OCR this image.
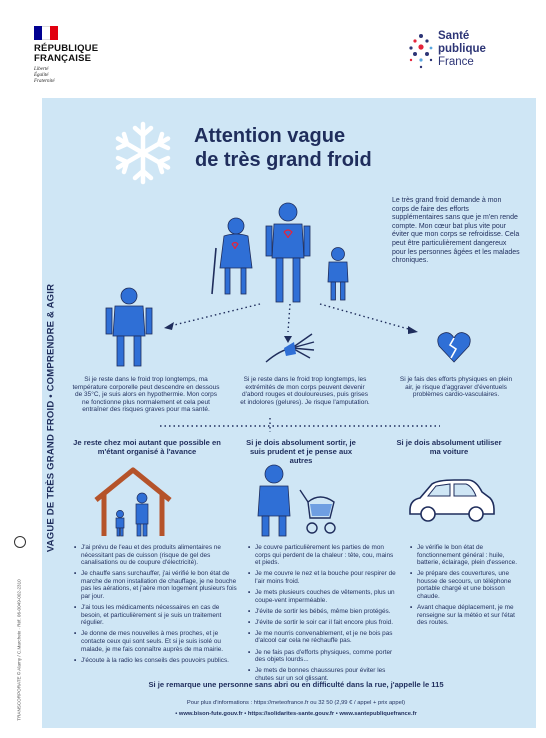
RÉPUBLIQUE
FRANÇAISE
Liberté
Égalité
Fraternité
Santé
publique
France
VAGUE DE TRÈS GRAND FROID • COMPRENDRE & AGIR
TRANSCORPORATE © Alamy / C.Marcheix · Réf. 06-0049-002-2310
Attention vague
de très grand froid
Le très grand froid demande à mon corps de faire des efforts supplémentaires sans que je m'en rende compte. Mon cœur bat plus vite pour éviter que mon corps se refroidisse. Cela peut être particulièrement dangereux pour les personnes âgées et les malades chroniques.
Si je reste dans le froid trop longtemps, ma température corporelle peut descendre en dessous de 35°C, je suis alors en hypothermie. Mon corps ne fonctionne plus normalement et cela peut entraîner des risques graves pour ma santé.
Si je reste dans le froid trop longtemps, les extrémités de mon corps peuvent devenir d'abord rouges et douloureuses, puis grises et indolores (gelures). Je risque l'amputation.
Si je fais des efforts physiques en plein air, je risque d'aggraver d'éventuels problèmes cardio-vasculaires.
Je reste chez moi autant que possible en m'étant organisé à l'avance
Si je dois absolument sortir, je suis prudent et je pense aux autres
Si je dois absolument utiliser ma voiture
• J'ai prévu de l'eau et des produits alimentaires ne nécessitant pas de cuisson (risque de gel des canalisations ou de coupure d'électricité).
• Je chauffe sans surchauffer, j'ai vérifié le bon état de marche de mon installation de chauffage, je ne bouche pas les aérations, et j'aère mon logement plusieurs fois par jour.
• J'ai tous les médicaments nécessaires en cas de besoin, et particulièrement si je suis un traitement régulier.
• Je donne de mes nouvelles à mes proches, et je contacte ceux qui sont seuls. Et si je suis isolé ou malade, je me fais connaître auprès de ma mairie.
• J'écoute à la radio les conseils des pouvoirs publics.
• Je couvre particulièrement les parties de mon corps qui perdent de la chaleur : tête, cou, mains et pieds.
• Je me couvre le nez et la bouche pour respirer de l'air moins froid.
• Je mets plusieurs couches de vêtements, plus un coupe-vent imperméable.
• J'évite de sortir les bébés, même bien protégés.
• J'évite de sortir le soir car il fait encore plus froid.
• Je me nourris convenablement, et je ne bois pas d'alcool car cela ne réchauffe pas.
• Je ne fais pas d'efforts physiques, comme porter des objets lourds...
• Je mets de bonnes chaussures pour éviter les chutes sur un sol glissant.
• Je vérifie le bon état de fonctionnement général : huile, batterie, éclairage, plein d'essence.
• Je prépare des couvertures, une housse de secours, un téléphone portable chargé et une boisson chaude.
• Avant chaque déplacement, je me renseigne sur la météo et sur l'état des routes.
Si je remarque une personne sans abri ou en difficulté dans la rue, j'appelle le 115
Pour plus d'informations : https://meteofrance.fr ou 32 50 (2,99 € / appel + prix appel)
• www.bison-fute.gouv.fr • https://solidarites-sante.gouv.fr • www.santepubliquefrance.fr
